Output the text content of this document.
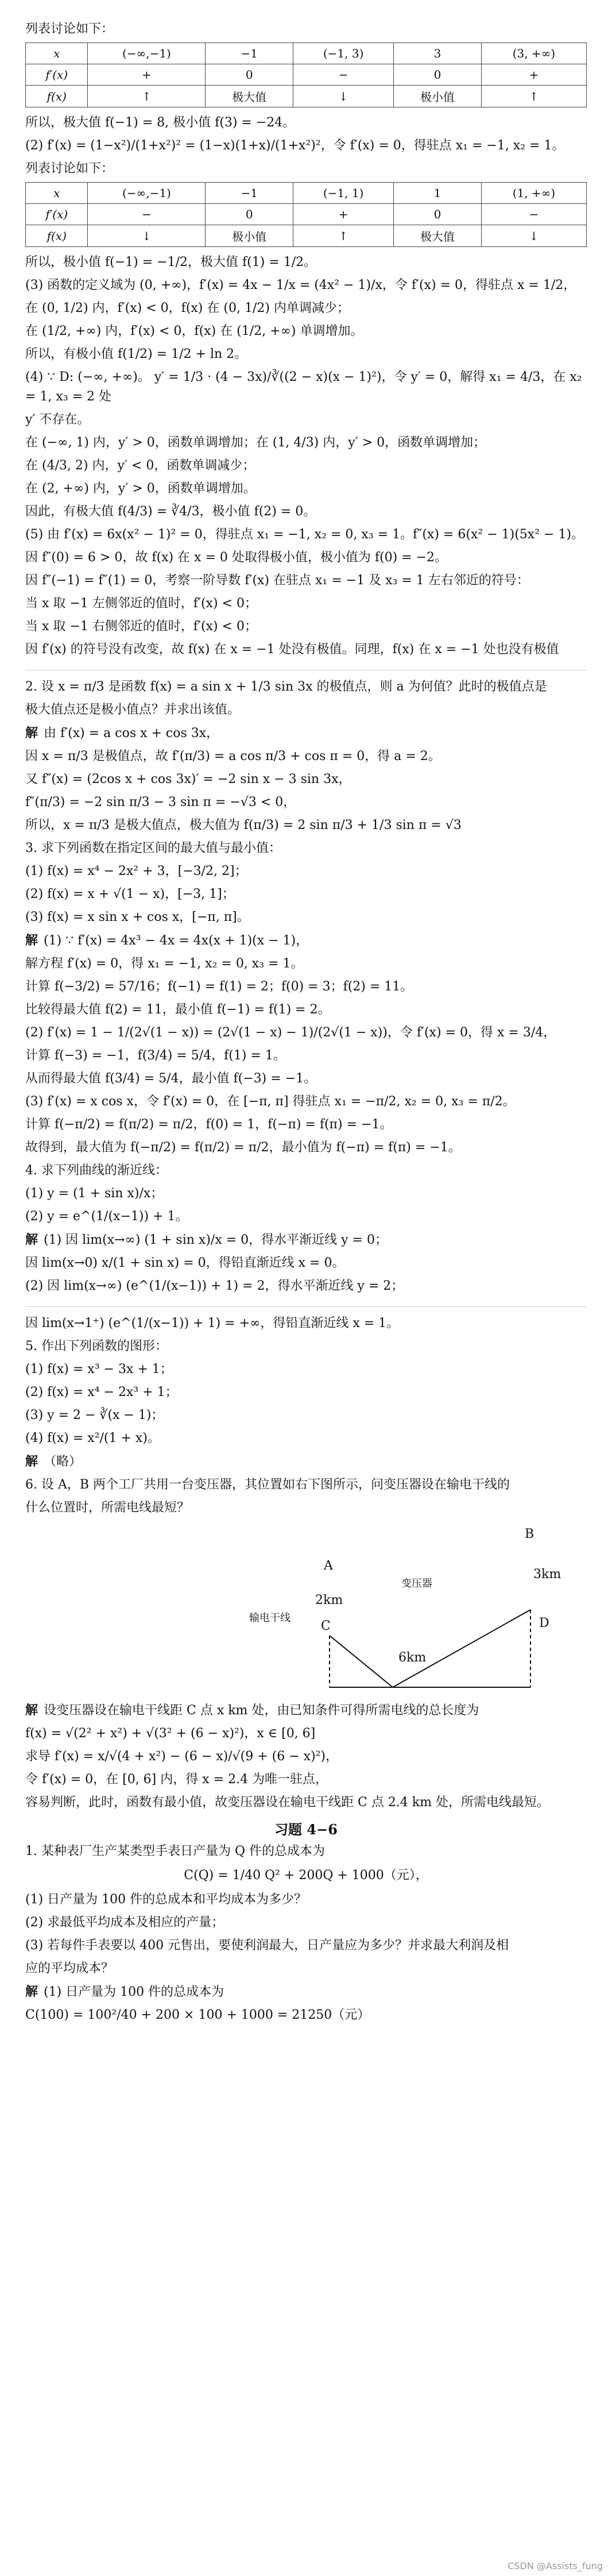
列表讨论如下：
x	(−∞,−1)	−1	(−1, 3)	3	(3, +∞)
f′(x)	+	0	−	0	+
f(x)	↑	极大值	↓	极小值	↑
所以，极大值 f(−1) = 8, 极小值 f(3) = −24。
(2) f′(x) = (1−x²)/(1+x²)² = (1−x)(1+x)/(1+x²)²，令 f′(x) = 0，得驻点 x₁ = −1, x₂ = 1。
列表讨论如下：
x	(−∞,−1)	−1	(−1, 1)	1	(1, +∞)
f′(x)	−	0	+	0	−
f(x)	↓	极小值	↑	极大值	↓
所以，极小值 f(−1) = −1/2，极大值 f(1) = 1/2。
(3) 函数的定义域为 (0, +∞)，f′(x) = 4x − 1/x = (4x² − 1)/x，令 f′(x) = 0，得驻点 x = 1/2，
在 (0, 1/2) 内，f′(x) < 0，f(x) 在 (0, 1/2) 内单调减少；
在 (1/2, +∞) 内，f′(x) < 0，f(x) 在 (1/2, +∞) 单调增加。
所以，有极小值 f(1/2) = 1/2 + ln 2。
(4) ∵ D: (−∞, +∞)。 y′ = 1/3 · (4 − 3x)/∛((2 − x)(x − 1)²)，令 y′ = 0，解得 x₁ = 4/3，在 x₂ = 1, x₃ = 2 处
y′ 不存在。
在 (−∞, 1) 内，y′ > 0，函数单调增加；在 (1, 4/3) 内，y′ > 0，函数单调增加；
在 (4/3, 2) 内，y′ < 0，函数单调减少；
在 (2, +∞) 内，y′ > 0，函数单调增加。
因此，有极大值 f(4/3) = ∛4/3，极小值 f(2) = 0。
(5) 由 f′(x) = 6x(x² − 1)² = 0，得驻点 x₁ = −1, x₂ = 0, x₃ = 1。f″(x) = 6(x² − 1)(5x² − 1)。
因 f″(0) = 6 > 0，故 f(x) 在 x = 0 处取得极小值，极小值为 f(0) = −2。
因 f″(−1) = f″(1) = 0，考察一阶导数 f′(x) 在驻点 x₁ = −1 及 x₃ = 1 左右邻近的符号：
当 x 取 −1 左侧邻近的值时，f′(x) < 0；
当 x 取 −1 右侧邻近的值时，f′(x) < 0；
因 f′(x) 的符号没有改变，故 f(x) 在 x = −1 处没有极值。同理，f(x) 在 x = −1 处也没有极值
2. 设 x = π/3 是函数 f(x) = a sin x + 1/3 sin 3x 的极值点，则 a 为何值？此时的极值点是
极大值点还是极小值点？并求出该值。
解 由 f′(x) = a cos x + cos 3x，
因 x = π/3 是极值点，故 f′(π/3) = a cos π/3 + cos π = 0，得 a = 2。
又 f″(x) = (2cos x + cos 3x)′ = −2 sin x − 3 sin 3x，
f″(π/3) = −2 sin π/3 − 3 sin π = −√3 < 0，
所以，x = π/3 是极大值点，极大值为 f(π/3) = 2 sin π/3 + 1/3 sin π = √3
3. 求下列函数在指定区间的最大值与最小值：
(1) f(x) = x⁴ − 2x² + 3，[−3/2, 2]；
(2) f(x) = x + √(1 − x)，[−3, 1]；
(3) f(x) = x sin x + cos x，[−π, π]。
解 (1) ∵ f′(x) = 4x³ − 4x = 4x(x + 1)(x − 1)，
解方程 f′(x) = 0，得 x₁ = −1, x₂ = 0, x₃ = 1。
计算 f(−3/2) = 57/16；f(−1) = f(1) = 2；f(0) = 3；f(2) = 11。
比较得最大值 f(2) = 11，最小值 f(−1) = f(1) = 2。
(2) f′(x) = 1 − 1/(2√(1 − x)) = (2√(1 − x) − 1)/(2√(1 − x))，令 f′(x) = 0，得 x = 3/4，
计算 f(−3) = −1，f(3/4) = 5/4，f(1) = 1。
从而得最大值 f(3/4) = 5/4，最小值 f(−3) = −1。
(3) f′(x) = x cos x，令 f′(x) = 0，在 [−π, π] 得驻点 x₁ = −π/2, x₂ = 0, x₃ = π/2。
计算 f(−π/2) = f(π/2) = π/2，f(0) = 1，f(−π) = f(π) = −1。
故得到，最大值为 f(−π/2) = f(π/2) = π/2，最小值为 f(−π) = f(π) = −1。
4. 求下列曲线的渐近线：
(1) y = (1 + sin x)/x；
(2) y = e^(1/(x−1)) + 1。
解 (1) 因 lim(x→∞) (1 + sin x)/x = 0，得水平渐近线 y = 0；
因 lim(x→0) x/(1 + sin x) = 0，得铅直渐近线 x = 0。
(2) 因 lim(x→∞) (e^(1/(x−1)) + 1) = 2，得水平渐近线 y = 2；
因 lim(x→1⁺) (e^(1/(x−1)) + 1) = +∞，得铅直渐近线 x = 1。
5. 作出下列函数的图形：
(1) f(x) = x³ − 3x + 1；
(2) f(x) = x⁴ − 2x³ + 1；
(3) y = 2 − ∛(x − 1)；
(4) f(x) = x²/(1 + x)。
解 （略）
6. 设 A，B 两个工厂共用一台变压器，其位置如右下图所示，问变压器设在输电干线的
什么位置时，所需电线最短？
A
B
C	D
2km
3km
6km
变压器
输电干线
解 设变压器设在输电干线距 C 点 x km 处，由已知条件可得所需电线的总长度为
f(x) = √(2² + x²) + √(3² + (6 − x)²)，x ∈ [0, 6]
求导 f′(x) = x/√(4 + x²) − (6 − x)/√(9 + (6 − x)²)，
令 f′(x) = 0，在 [0, 6] 内，得 x = 2.4 为唯一驻点，
容易判断，此时，函数有最小值，故变压器设在输电干线距 C 点 2.4 km 处，所需电线最短。
习题 4−6
1. 某种表厂生产某类型手表日产量为 Q 件的总成本为
C(Q) = 1/40 Q² + 200Q + 1000（元），
(1) 日产量为 100 件的总成本和平均成本为多少？
(2) 求最低平均成本及相应的产量；
(3) 若每件手表要以 400 元售出，要使利润最大，日产量应为多少？并求最大利润及相
应的平均成本？
解 (1) 日产量为 100 件的总成本为
C(100) = 100²/40 + 200 × 100 + 1000 = 21250（元）
CSDN @Assists_fung
